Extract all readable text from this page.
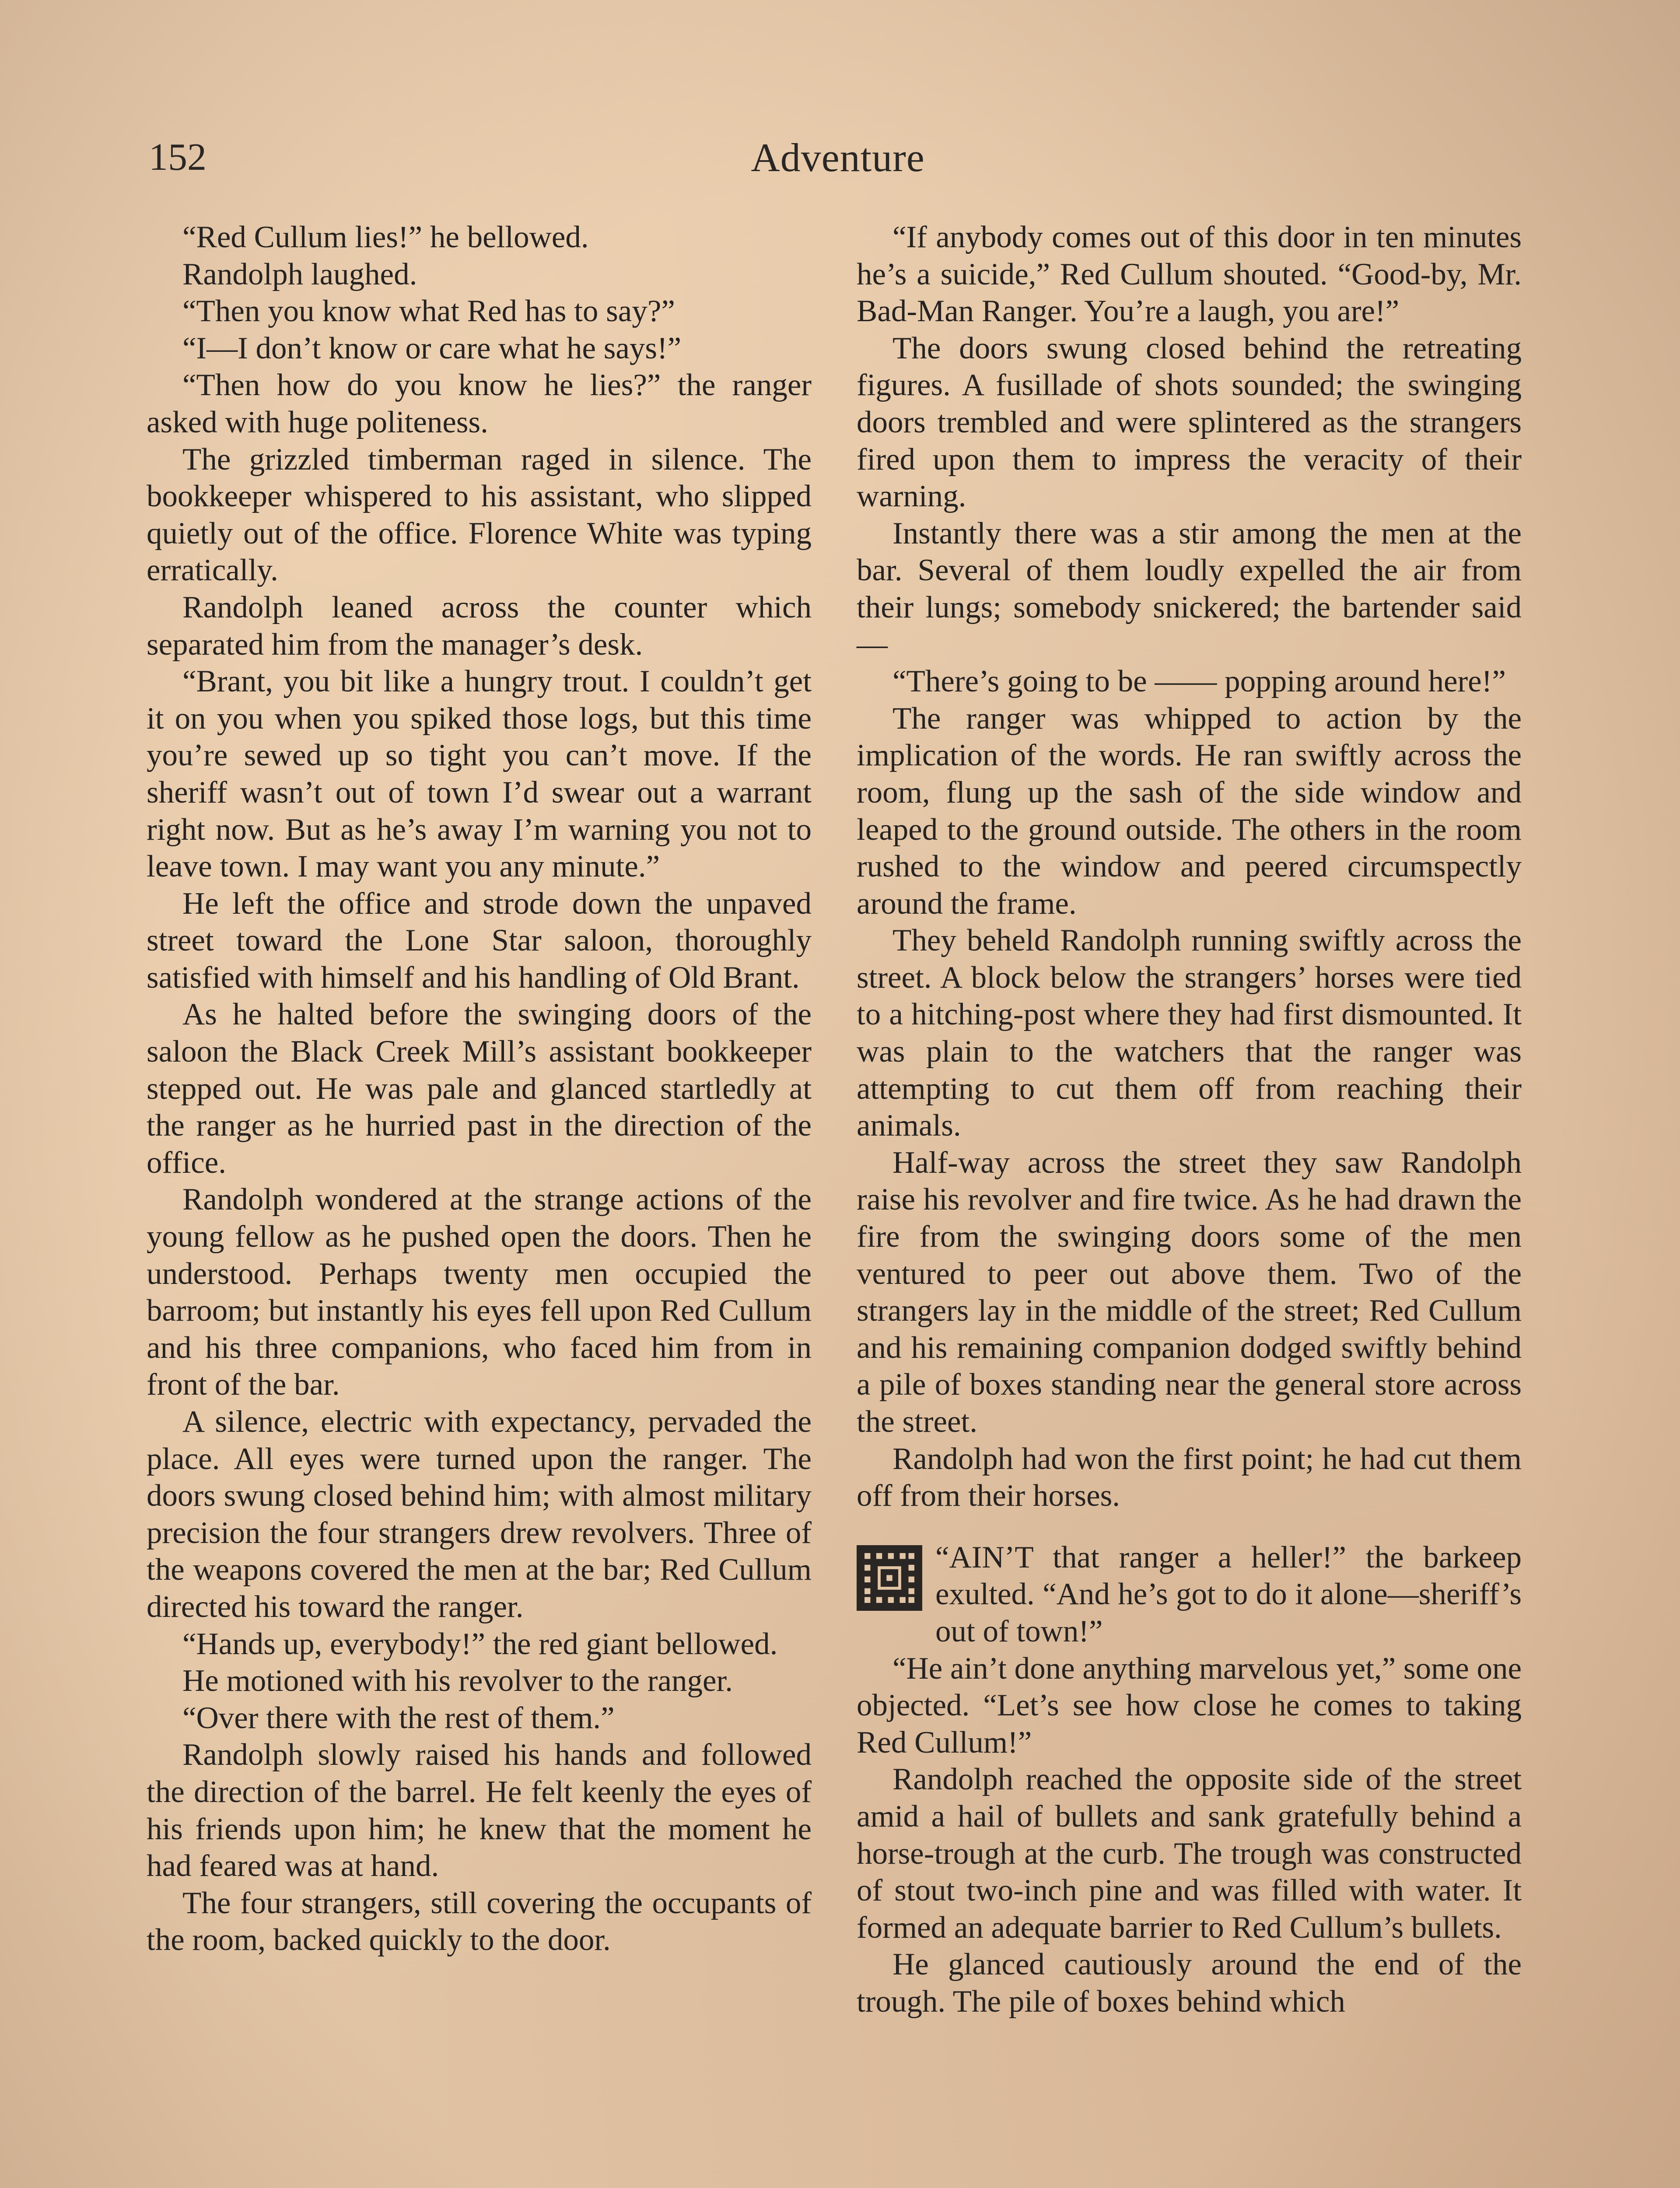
152	Adventure

“Red Cullum lies!” he bellowed.

Randolph laughed.

“Then you know what Red has to say?”

“I—I don’t know or care what he says!”

“Then how do you know he lies?” the ranger asked with huge politeness.

The grizzled timberman raged in silence. The bookkeeper whispered to his assistant, who slipped quietly out of the office. Florence White was typing erratically.

Randolph leaned across the counter which separated him from the manager’s desk.

“Brant, you bit like a hungry trout. I couldn’t get it on you when you spiked those logs, but this time you’re sewed up so tight you can’t move. If the sheriff wasn’t out of town I’d swear out a warrant right now. But as he’s away I’m warning you not to leave town. I may want you any minute.”

He left the office and strode down the unpaved street toward the Lone Star saloon, thoroughly satisfied with himself and his handling of Old Brant.

As he halted before the swinging doors of the saloon the Black Creek Mill’s assistant bookkeeper stepped out. He was pale and glanced startledly at the ranger as he hurried past in the direction of the office.

Randolph wondered at the strange actions of the young fellow as he pushed open the doors. Then he understood. Perhaps twenty men occupied the barroom; but instantly his eyes fell upon Red Cullum and his three companions, who faced him from in front of the bar.

A silence, electric with expectancy, pervaded the place. All eyes were turned upon the ranger. The doors swung closed behind him; with almost military precision the four strangers drew revolvers. Three of the weapons covered the men at the bar; Red Cullum directed his toward the ranger.

“Hands up, everybody!” the red giant bellowed.

He motioned with his revolver to the ranger.

“Over there with the rest of them.”

Randolph slowly raised his hands and followed the direction of the barrel. He felt keenly the eyes of his friends upon him; he knew that the moment he had feared was at hand.

The four strangers, still covering the occupants of the room, backed quickly to the door.

“If anybody comes out of this door in ten minutes he’s a suicide,” Red Cullum shouted. “Good-by, Mr. Bad-Man Ranger. You’re a laugh, you are!”

The doors swung closed behind the retreating figures. A fusillade of shots sounded; the swinging doors trembled and were splintered as the strangers fired upon them to impress the veracity of their warning.

Instantly there was a stir among the men at the bar. Several of them loudly expelled the air from their lungs; somebody snickered; the bartender said—

“There’s going to be —— popping around here!”

The ranger was whipped to action by the implication of the words. He ran swiftly across the room, flung up the sash of the side window and leaped to the ground outside. The others in the room rushed to the window and peered circumspectly around the frame.

They beheld Randolph running swiftly across the street. A block below the strangers’ horses were tied to a hitching-post where they had first dismounted. It was plain to the watchers that the ranger was attempting to cut them off from reaching their animals.

Half-way across the street they saw Randolph raise his revolver and fire twice. As he had drawn the fire from the swinging doors some of the men ventured to peer out above them. Two of the strangers lay in the middle of the street; Red Cullum and his remaining companion dodged swiftly behind a pile of boxes standing near the general store across the street.

Randolph had won the first point; he had cut them off from their horses.

“AIN’T that ranger a heller!” the barkeep exulted. “And he’s got to do it alone—sheriff’s out of town!”

“He ain’t done anything marvelous yet,” some one objected. “Let’s see how close he comes to taking Red Cullum!”

Randolph reached the opposite side of the street amid a hail of bullets and sank gratefully behind a horse-trough at the curb. The trough was constructed of stout two-inch pine and was filled with water. It formed an adequate barrier to Red Cullum’s bullets.

He glanced cautiously around the end of the trough. The pile of boxes behind which
